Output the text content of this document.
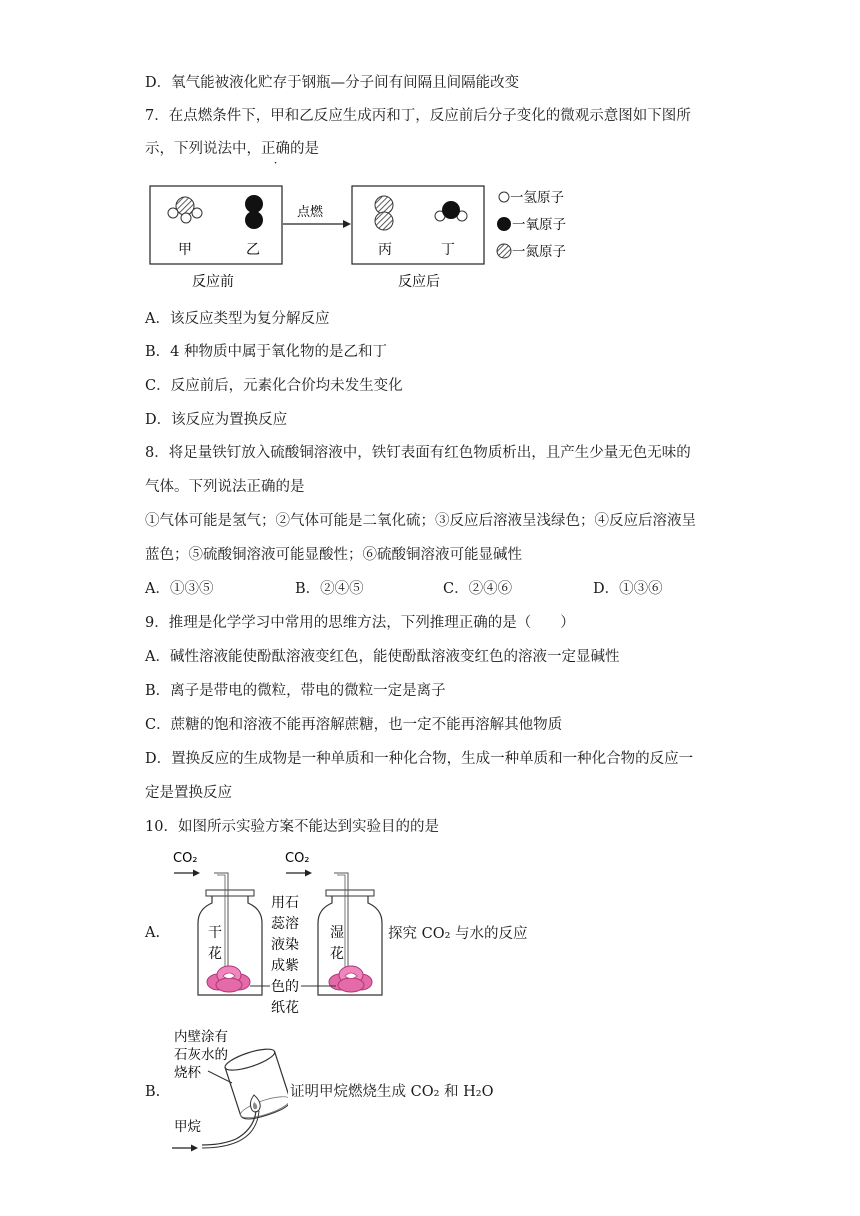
D．氧气能被液化贮存于钢瓶—分子间有间隔且间隔能改变
7．在点燃条件下，甲和乙反应生成丙和丁，反应前后分子变化的微观示意图如下图所
示，下列说法中，正确的是
甲	乙
反应前
点燃
丙	丁
反应后
一氢原子
一氧原子
一氮原子
A．该反应类型为复分解反应
B．4 种物质中属于氧化物的是乙和丁
C．反应前后，元素化合价均未发生变化
D．该反应为置换反应
8．将足量铁钉放入硫酸铜溶液中，铁钉表面有红色物质析出，且产生少量无色无味的
气体。下列说法正确的是
①气体可能是氢气；②气体可能是二氧化硫；③反应后溶液呈浅绿色；④反应后溶液呈
蓝色；⑤硫酸铜溶液可能显酸性；⑥硫酸铜溶液可能显碱性
A．①③⑤	B．②④⑤	C．②④⑥	D．①③⑥
9．推理是化学学习中常用的思维方法，下列推理正确的是（　　）
A．碱性溶液能使酚酞溶液变红色，能使酚酞溶液变红色的溶液一定显碱性
B．离子是带电的微粒，带电的微粒一定是离子
C．蔗糖的饱和溶液不能再溶解蔗糖，也一定不能再溶解其他物质
D．置换反应的生成物是一种单质和一种化合物，生成一种单质和一种化合物的反应一
定是置换反应
10．如图所示实验方案不能达到实验目的的是
A.
CO₂	CO₂
干
花
湿
花
用石
蕊溶
液染
成紫
色的
纸花
探究 CO₂ 与水的反应
B.
内壁涂有
石灰水的
烧杯
甲烷
证明甲烷燃烧生成 CO₂ 和 H₂O
